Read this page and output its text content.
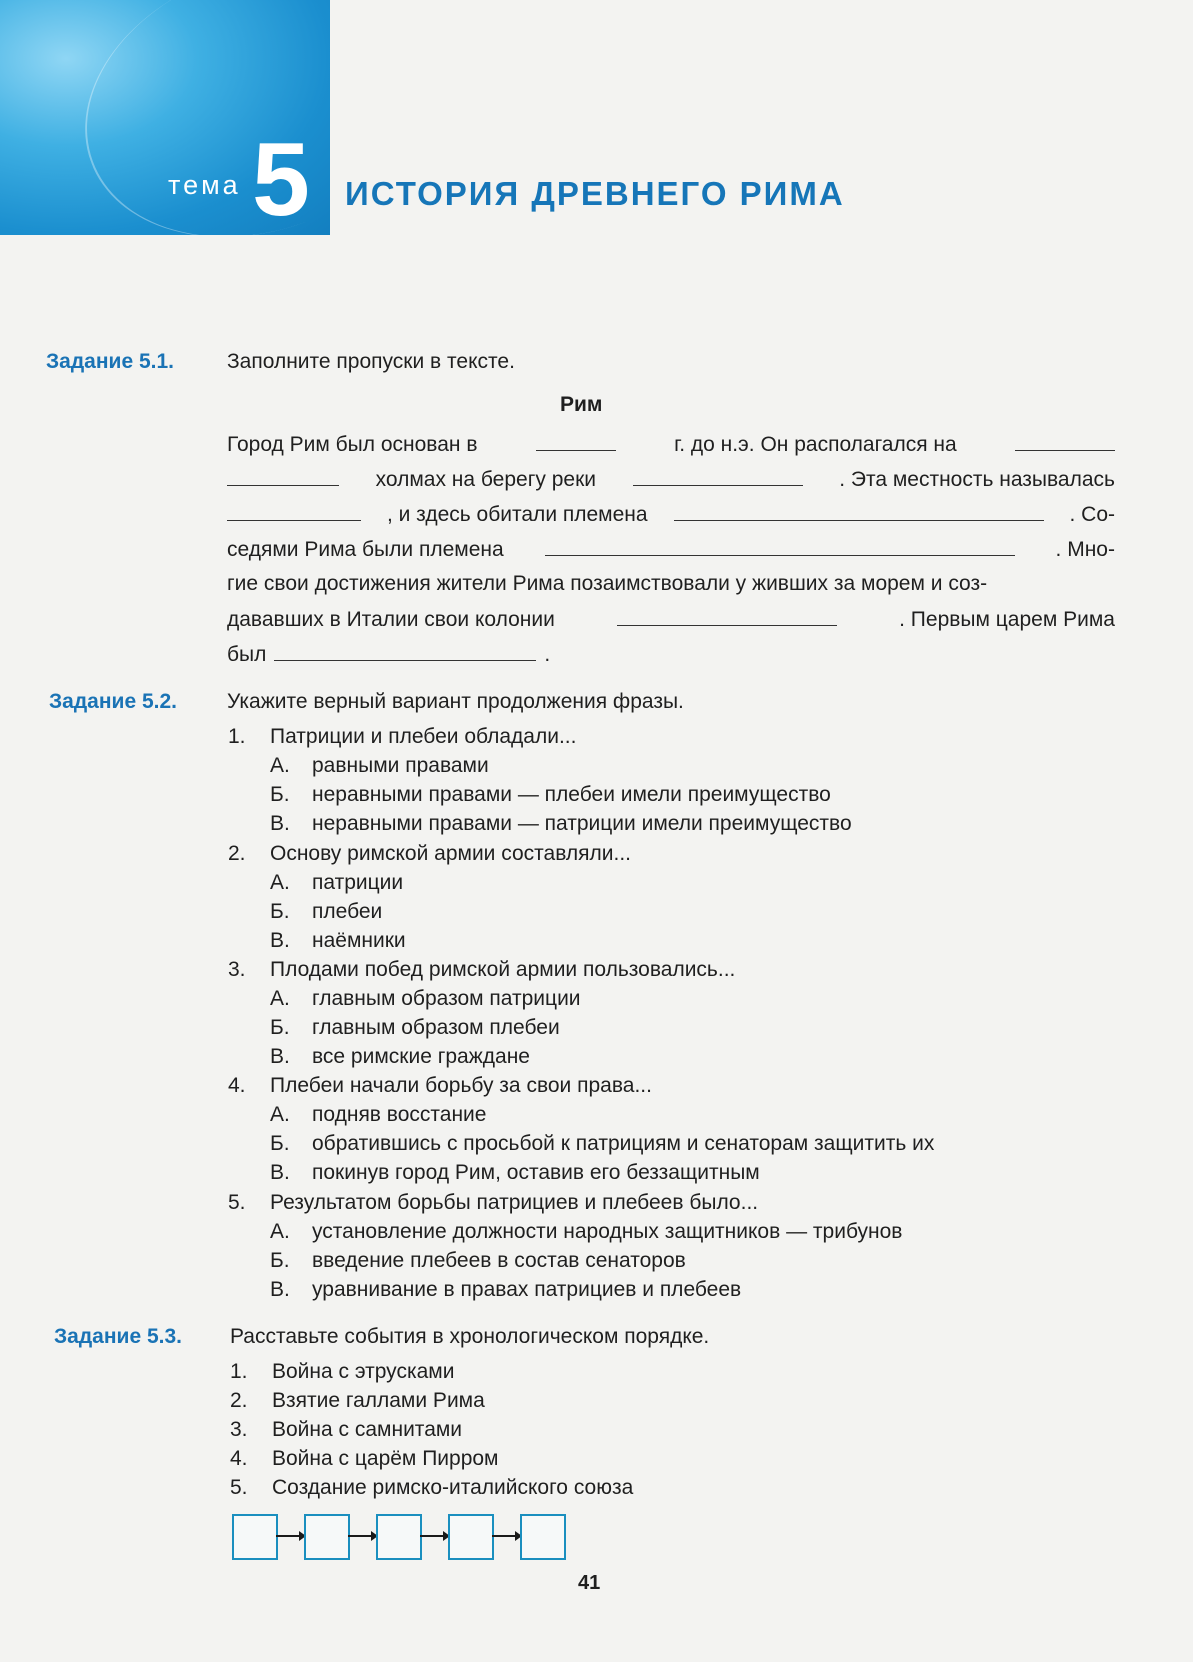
тема 5 ИСТОРИЯ ДРЕВНЕГО РИМА
Задание 5.1.	Заполните пропуски в тексте.
Рим
Город Рим был основан в	г. до н.э. Он располагался на
холмах на берегу реки	. Эта местность называлась
, и здесь обитали племена	. Со-
седями Рима были племена	. Мно-
гие свои достижения жители Рима позаимствовали у живших за морем и соз-
дававших в Италии свои колонии	. Первым царем Рима
был	.
Задание 5.2. Укажите верный вариант продолжения фразы.
1. Патриции и плебеи обладали...
А. равными правами
Б. неравными правами — плебеи имели преимущество
В. неравными правами — патриции имели преимущество
2. Основу римской армии составляли...
А. патриции
Б. плебеи
В. наёмники
3. Плодами побед римской армии пользовались...
А. главным образом патриции
Б. главным образом плебеи
В. все римские граждане
4. Плебеи начали борьбу за свои права...
А. подняв восстание
Б. обратившись с просьбой к патрициям и сенаторам защитить их
В. покинув город Рим, оставив его беззащитным
5. Результатом борьбы патрициев и плебеев было...
А. установление должности народных защитников — трибунов
Б. введение плебеев в состав сенаторов
В. уравнивание в правах патрициев и плебеев
Задание 5.3. Расставьте события в хронологическом порядке.
1. Война с этрусками
2. Взятие галлами Рима
3. Война с самнитами
4. Война с царём Пирром
5. Создание римско-италийского союза
41
